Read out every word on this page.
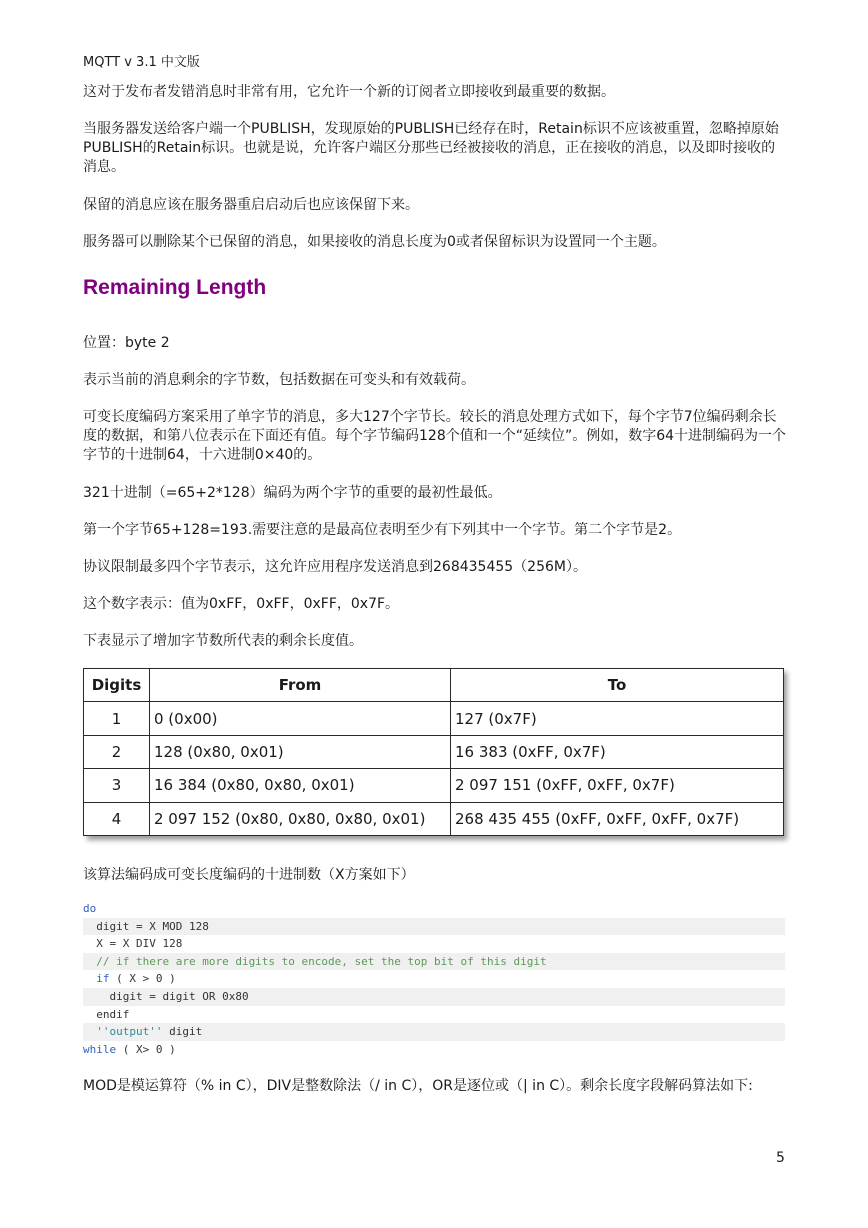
MQTT v 3.1 中文版

这对于发布者发错消息时非常有用，它允许一个新的订阅者立即接收到最重要的数据。

当服务器发送给客户端一个PUBLISH，发现原始的PUBLISH已经存在时，Retain标识不应该被重置，忽略掉原始PUBLISH的Retain标识。也就是说，允许客户端区分那些已经被接收的消息，正在接收的消息，以及即时接收的消息。

保留的消息应该在服务器重启启动后也应该保留下来。

服务器可以删除某个已保留的消息，如果接收的消息长度为0或者保留标识为设置同一个主题。

Remaining Length

位置：byte 2

表示当前的消息剩余的字节数，包括数据在可变头和有效载荷。

可变长度编码方案采用了单字节的消息，多大127个字节长。较长的消息处理方式如下，每个字节7位编码剩余长度的数据，和第八位表示在下面还有值。每个字节编码128个值和一个“延续位”。例如，数字64十进制编码为一个字节的十进制64，十六进制0×40的。

321十进制（=65+2*128）编码为两个字节的重要的最初性最低。

第一个字节65+128=193.需要注意的是最高位表明至少有下列其中一个字节。第二个字节是2。

协议限制最多四个字节表示，这允许应用程序发送消息到268435455（256M）。

这个数字表示：值为0xFF，0xFF，0xFF，0x7F。

下表显示了增加字节数所代表的剩余长度值。

Digits	From	To
1	0 (0x00)	127 (0x7F)
2	128 (0x80, 0x01)	16 383 (0xFF, 0x7F)
3	16 384 (0x80, 0x80, 0x01)	2 097 151 (0xFF, 0xFF, 0x7F)
4	2 097 152 (0x80, 0x80, 0x80, 0x01)	268 435 455 (0xFF, 0xFF, 0xFF, 0x7F)

该算法编码成可变长度编码的十进制数（X方案如下）

do
digit = X MOD 128
X = X DIV 128
// if there are more digits to encode, set the top bit of this digit
if ( X > 0 )
digit = digit OR 0x80
endif
''output'' digit
while ( X> 0 )

MOD是模运算符（% in C），DIV是整数除法（/ in C），OR是逐位或（| in C）。剩余长度字段解码算法如下:

5
